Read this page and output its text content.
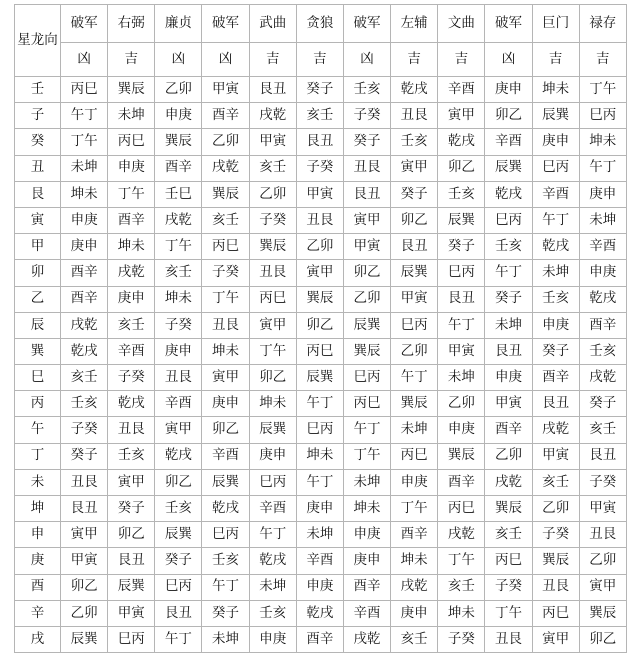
星龙向	破军	右弼	廉贞	破军	武曲	贪狼	破军	左辅	文曲	破军	巨门	禄存
	凶	吉	凶	凶	吉	吉	凶	吉	吉	凶	吉	吉
壬	丙巳	巽辰	乙卯	甲寅	艮丑	癸子	壬亥	乾戌	辛酉	庚申	坤未	丁午
子	午丁	未坤	申庚	酉辛	戌乾	亥壬	子癸	丑艮	寅甲	卯乙	辰巽	巳丙
癸	丁午	丙巳	巽辰	乙卯	甲寅	艮丑	癸子	壬亥	乾戌	辛酉	庚申	坤未
丑	未坤	申庚	酉辛	戌乾	亥壬	子癸	丑艮	寅甲	卯乙	辰巽	巳丙	午丁
艮	坤未	丁午	壬巳	巽辰	乙卯	甲寅	艮丑	癸子	壬亥	乾戌	辛酉	庚申
寅	申庚	酉辛	戌乾	亥壬	子癸	丑艮	寅甲	卯乙	辰巽	巳丙	午丁	未坤
甲	庚申	坤未	丁午	丙巳	巽辰	乙卯	甲寅	艮丑	癸子	壬亥	乾戌	辛酉
卯	酉辛	戌乾	亥壬	子癸	丑艮	寅甲	卯乙	辰巽	巳丙	午丁	未坤	申庚
乙	酉辛	庚申	坤未	丁午	丙巳	巽辰	乙卯	甲寅	艮丑	癸子	壬亥	乾戌
辰	戌乾	亥壬	子癸	丑艮	寅甲	卯乙	辰巽	巳丙	午丁	未坤	申庚	酉辛
巽	乾戌	辛酉	庚申	坤未	丁午	丙巳	巽辰	乙卯	甲寅	艮丑	癸子	壬亥
巳	亥壬	子癸	丑艮	寅甲	卯乙	辰巽	巳丙	午丁	未坤	申庚	酉辛	戌乾
丙	壬亥	乾戌	辛酉	庚申	坤未	午丁	丙巳	巽辰	乙卯	甲寅	艮丑	癸子
午	子癸	丑艮	寅甲	卯乙	辰巽	巳丙	午丁	未坤	申庚	酉辛	戌乾	亥壬
丁	癸子	壬亥	乾戌	辛酉	庚申	坤未	丁午	丙巳	巽辰	乙卯	甲寅	艮丑
未	丑艮	寅甲	卯乙	辰巽	巳丙	午丁	未坤	申庚	酉辛	戌乾	亥壬	子癸
坤	艮丑	癸子	壬亥	乾戌	辛酉	庚申	坤未	丁午	丙巳	巽辰	乙卯	甲寅
申	寅甲	卯乙	辰巽	巳丙	午丁	未坤	申庚	酉辛	戌乾	亥壬	子癸	丑艮
庚	甲寅	艮丑	癸子	壬亥	乾戌	辛酉	庚申	坤未	丁午	丙巳	巽辰	乙卯
酉	卯乙	辰巽	巳丙	午丁	未坤	申庚	酉辛	戌乾	亥壬	子癸	丑艮	寅甲
辛	乙卯	甲寅	艮丑	癸子	壬亥	乾戌	辛酉	庚申	坤未	丁午	丙巳	巽辰
戌	辰巽	巳丙	午丁	未坤	申庚	酉辛	戌乾	亥壬	子癸	丑艮	寅甲	卯乙
